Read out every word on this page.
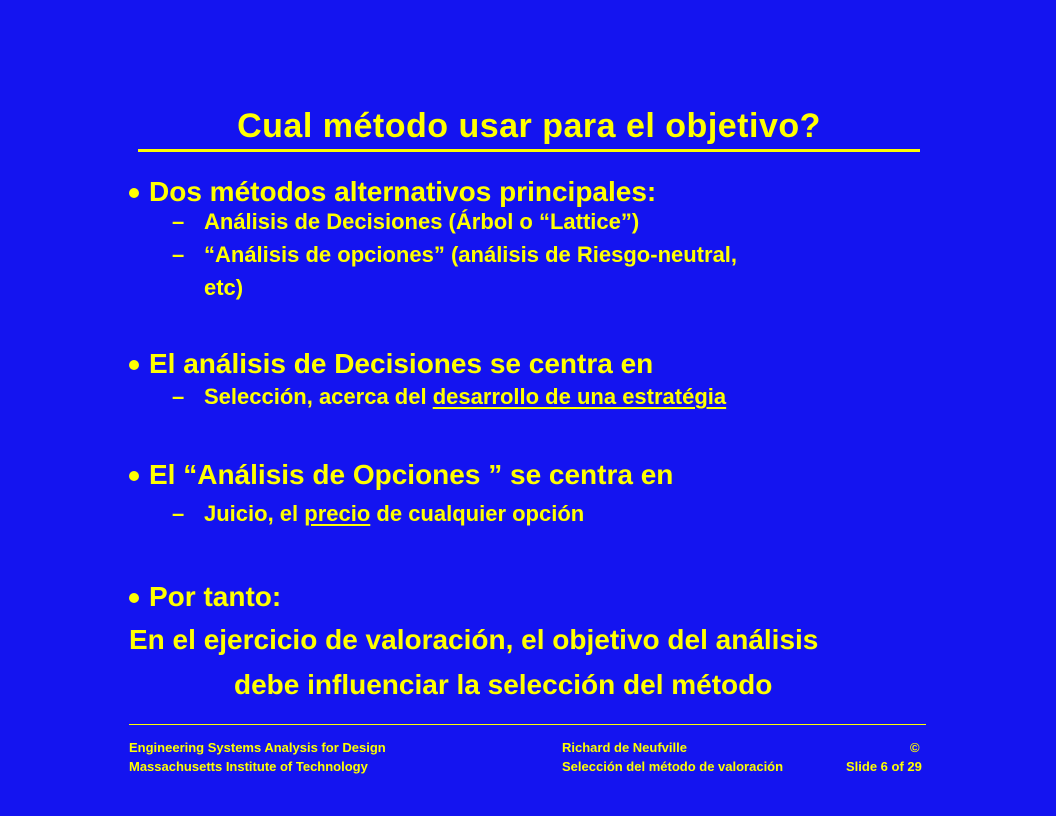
Cual método usar para el objetivo?
Dos métodos alternativos principales:
– Análisis de Decisiones (Árbol o “Lattice”)
– “Análisis de opciones” (análisis de Riesgo-neutral,
etc)
El análisis de Decisiones se centra en
– Selección, acerca del desarrollo de una estratégia
El “Análisis de Opciones ” se centra en
– Juicio, el precio de cualquier opción
Por tanto:
En el ejercicio de valoración, el objetivo del análisis
debe influenciar la selección del método
Engineering Systems Analysis for Design
Massachusetts Institute of Technology
Richard de Neufville	©
Selección del método de valoración	Slide 6 of 29
